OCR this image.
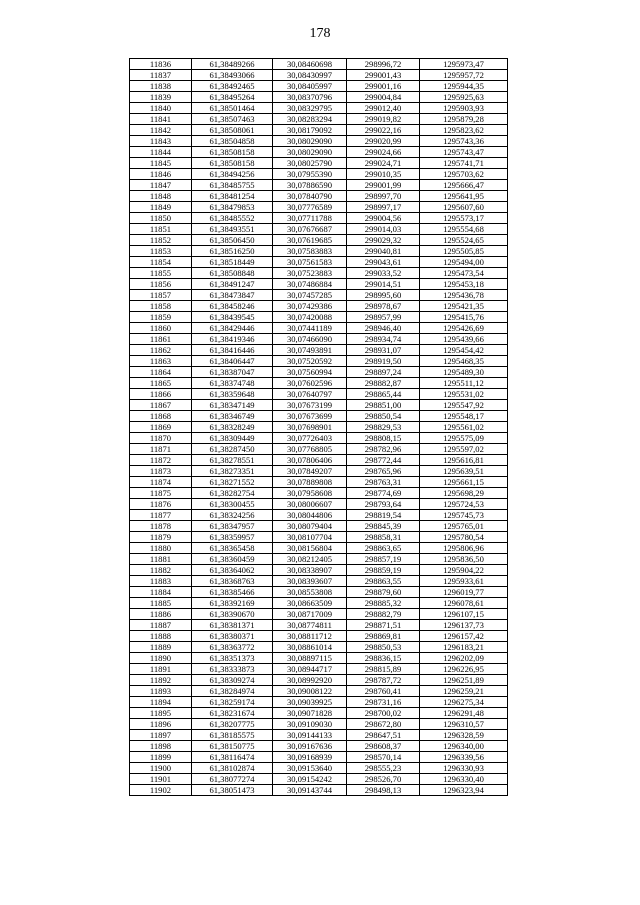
178
11836	61,38489266	30,08460698	298996,72	1295973,47
11837	61,38493066	30,08430997	299001,43	1295957,72
11838	61,38492465	30,08405997	299001,16	1295944,35
11839	61,38495264	30,08370796	299004,84	1295925,63
11840	61,38501464	30,08329795	299012,40	1295903,93
11841	61,38507463	30,08283294	299019,82	1295879,28
11842	61,38508061	30,08179092	299022,16	1295823,62
11843	61,38504858	30,08029090	299020,99	1295743,36
11844	61,38508158	30,08029090	299024,66	1295743,47
11845	61,38508158	30,08025790	299024,71	1295741,71
11846	61,38494256	30,07955390	299010,35	1295703,62
11847	61,38485755	30,07886590	299001,99	1295666,47
11848	61,38481254	30,07840790	298997,70	1295641,95
11849	61,38479853	30,07776589	298997,17	1295607,60
11850	61,38485552	30,07711788	299004,56	1295573,17
11851	61,38493551	30,07676687	299014,03	1295554,68
11852	61,38506450	30,07619685	299029,32	1295524,65
11853	61,38516250	30,07583883	299040,81	1295505,85
11854	61,38518449	30,07561583	299043,61	1295494,00
11855	61,38508848	30,07523883	299033,52	1295473,54
11856	61,38491247	30,07486884	299014,51	1295453,18
11857	61,38473847	30,07457285	298995,60	1295436,78
11858	61,38458246	30,07429386	298978,67	1295421,35
11859	61,38439545	30,07420088	298957,99	1295415,76
11860	61,38429446	30,07441189	298946,40	1295426,69
11861	61,38419346	30,07466090	298934,74	1295439,66
11862	61,38416446	30,07493891	298931,07	1295454,42
11863	61,38406447	30,07520592	298919,50	1295468,35
11864	61,38387047	30,07560994	298897,24	1295489,30
11865	61,38374748	30,07602596	298882,87	1295511,12
11866	61,38359648	30,07640797	298865,44	1295531,02
11867	61,38347149	30,07673199	298851,00	1295547,92
11868	61,38346749	30,07673699	298850,54	1295548,17
11869	61,38328249	30,07698901	298829,53	1295561,02
11870	61,38309449	30,07726403	298808,15	1295575,09
11871	61,38287450	30,07768805	298782,96	1295597,02
11872	61,38278551	30,07806406	298772,44	1295616,81
11873	61,38273351	30,07849207	298765,96	1295639,51
11874	61,38271552	30,07889808	298763,31	1295661,15
11875	61,38282754	30,07958608	298774,69	1295698,29
11876	61,38300455	30,08006607	298793,64	1295724,53
11877	61,38324256	30,08044806	298819,54	1295745,73
11878	61,38347957	30,08079404	298845,39	1295765,01
11879	61,38359957	30,08107704	298858,31	1295780,54
11880	61,38365458	30,08156804	298863,65	1295806,96
11881	61,38360459	30,08212405	298857,19	1295836,50
11882	61,38364062	30,08338907	298859,19	1295904,22
11883	61,38368763	30,08393607	298863,55	1295933,61
11884	61,38385466	30,08553808	298879,60	1296019,77
11885	61,38392169	30,08663509	298885,32	1296078,61
11886	61,38390670	30,08717009	298882,79	1296107,15
11887	61,38381371	30,08774811	298871,51	1296137,73
11888	61,38380371	30,08811712	298869,81	1296157,42
11889	61,38363772	30,08861014	298850,53	1296183,21
11890	61,38351373	30,08897115	298836,15	1296202,09
11891	61,38333873	30,08944717	298815,89	1296226,95
11892	61,38309274	30,08992920	298787,72	1296251,89
11893	61,38284974	30,09008122	298760,41	1296259,21
11894	61,38259174	30,09039925	298731,16	1296275,34
11895	61,38231674	30,09071828	298700,02	1296291,48
11896	61,38207775	30,09109030	298672,80	1296310,57
11897	61,38185575	30,09144133	298647,51	1296328,59
11898	61,38150775	30,09167636	298608,37	1296340,00
11899	61,38116474	30,09168939	298570,14	1296339,56
11900	61,38102874	30,09153640	298555,23	1296330,93
11901	61,38077274	30,09154242	298526,70	1296330,40
11902	61,38051473	30,09143744	298498,13	1296323,94
